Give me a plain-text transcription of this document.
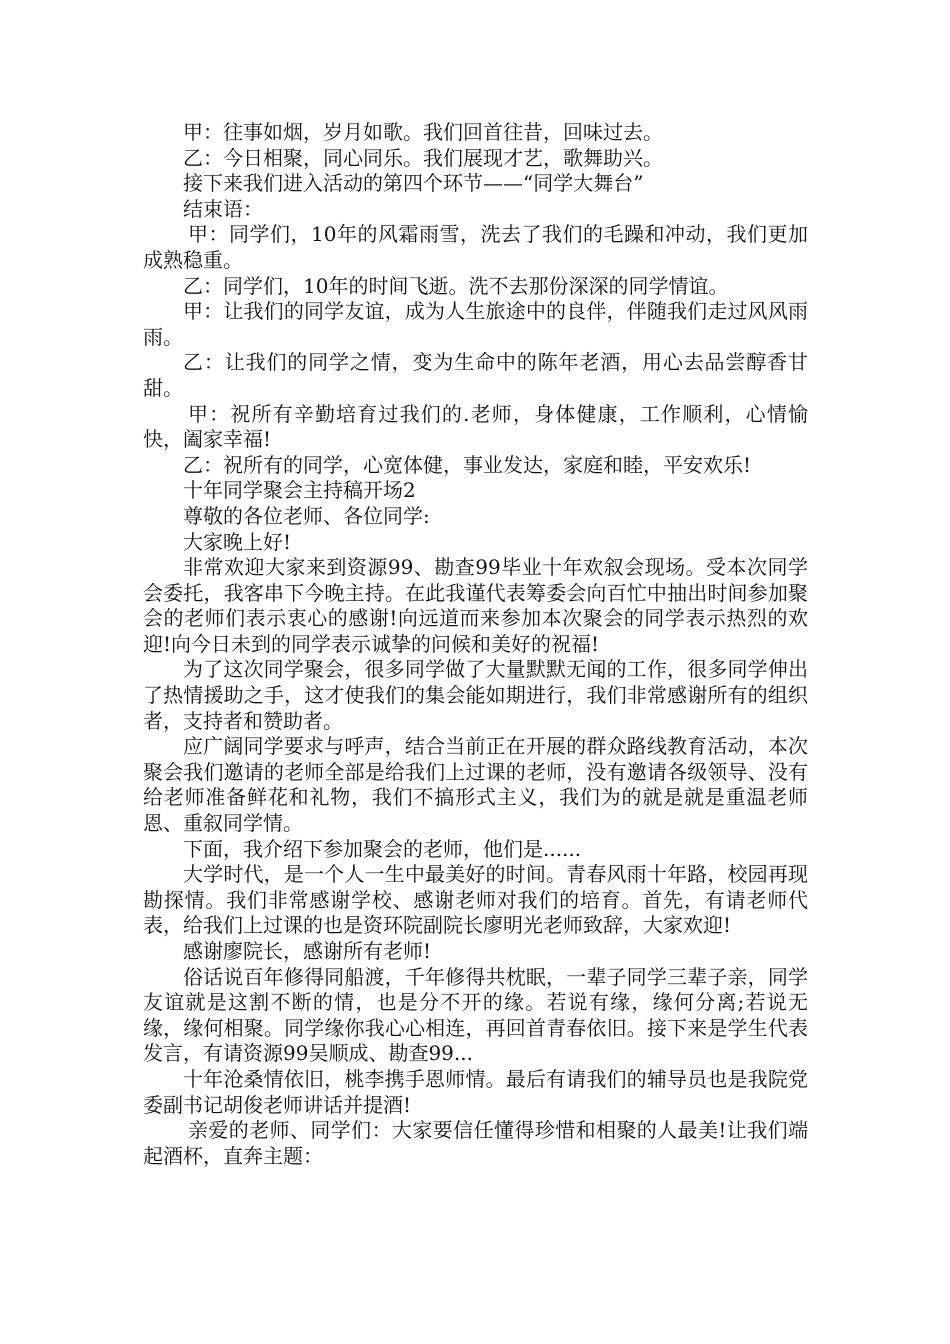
甲：往事如烟，岁月如歌。我们回首往昔，回味过去。

乙：今日相聚，同心同乐。我们展现才艺，歌舞助兴。

接下来我们进入活动的第四个环节——“同学大舞台”

结束语：

甲：同学们，10年的风霜雨雪，洗去了我们的毛躁和冲动，我们更加成熟稳重。

乙：同学们，10年的时间飞逝。洗不去那份深深的同学情谊。

甲：让我们的同学友谊，成为人生旅途中的良伴，伴随我们走过风风雨雨。

乙：让我们的同学之情，变为生命中的陈年老酒，用心去品尝醇香甘甜。

甲：祝所有辛勤培育过我们的.老师，身体健康，工作顺利，心情愉快，阖家幸福!

乙：祝所有的同学，心宽体健，事业发达，家庭和睦，平安欢乐!

十年同学聚会主持稿开场2

尊敬的各位老师、各位同学:

大家晚上好!

非常欢迎大家来到资源99、勘查99毕业十年欢叙会现场。受本次同学会委托，我客串下今晚主持。在此我谨代表筹委会向百忙中抽出时间参加聚会的老师们表示衷心的感谢!向远道而来参加本次聚会的同学表示热烈的欢迎!向今日未到的同学表示诚挚的问候和美好的祝福!

为了这次同学聚会，很多同学做了大量默默无闻的工作，很多同学伸出了热情援助之手，这才使我们的集会能如期进行，我们非常感谢所有的组织者，支持者和赞助者。

应广阔同学要求与呼声，结合当前正在开展的群众路线教育活动，本次聚会我们邀请的老师全部是给我们上过课的老师，没有邀请各级领导、没有给老师准备鲜花和礼物，我们不搞形式主义，我们为的就是就是重温老师恩、重叙同学情。

下面，我介绍下参加聚会的老师，他们是......

大学时代，是一个人一生中最美好的时间。青春风雨十年路，校园再现勘探情。我们非常感谢学校、感谢老师对我们的培育。首先，有请老师代表，给我们上过课的也是资环院副院长廖明光老师致辞，大家欢迎!

感谢廖院长，感谢所有老师!

俗话说百年修得同船渡，千年修得共枕眠，一辈子同学三辈子亲，同学友谊就是这割不断的情，也是分不开的缘。若说有缘，缘何分离;若说无缘，缘何相聚。同学缘你我心心相连，再回首青春依旧。接下来是学生代表发言，有请资源99吴顺成、勘查99...

十年沧桑情依旧，桃李携手恩师情。最后有请我们的辅导员也是我院党委副书记胡俊老师讲话并提酒!

亲爱的老师、同学们：大家要信任懂得珍惜和相聚的人最美!让我们端起酒杯，直奔主题：
